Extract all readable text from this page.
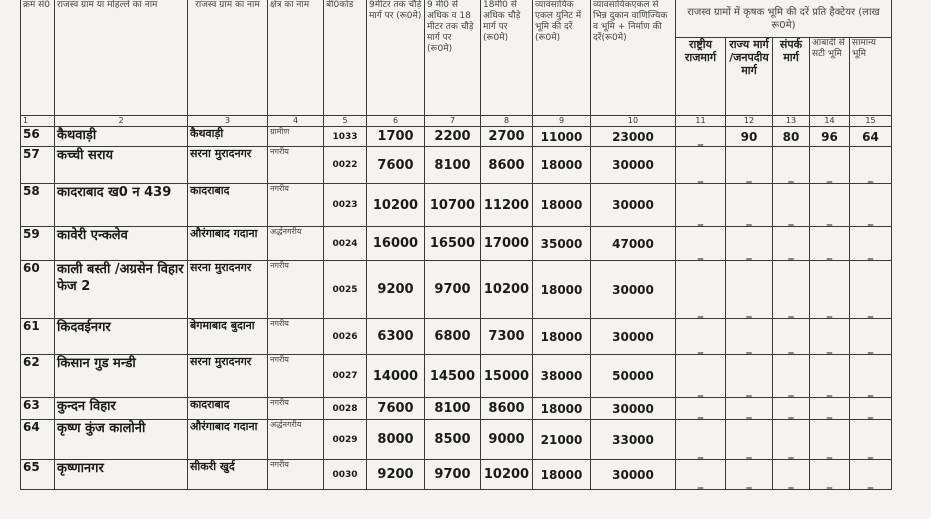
क्रम सं0	राजस्व ग्राम या मोहल्ले का नाम	राजस्व ग्राम का नाम	क्षेत्र का नाम	बी0कोड	9मीटर तक चौड़े मार्ग पर (रू0मे)	9 मी0 से अधिक व 18 मीटर तक चौड़े मार्ग पर (रू0मे)	18मी0 से अधिक चौड़े मार्ग पर (रू0मे)	व्यावसायिक एकल युनिट में भूमि की दरें (रू0मे)	व्यावसायिकएकल से भिन्न दुकान वाणिज्यिक व भूमि + निर्माण की दरें(रू0मे)	राजस्व ग्रामों में कृषक भूमि की दरें प्रति हैक्टेयर (लाख रू0मे)				
										राष्ट्रीय राजमार्ग	राज्य मार्ग /जनपदीय मार्ग	संपर्क मार्ग	आबादी से सटी भूमि	सामान्य भूमि
1	2	3	4	5	6	7	8	9	10	11	12	13	14	15
56	कैथवाड़ी	कैथवाड़ी	ग्रामीण	1033	1700	2200	2700	11000	23000	_	90	80	96	64
57	कच्ची सराय	सरना मुरादनगर	नगरीय	0022	7600	8100	8600	18000	30000	_	_	_	_	_
58	कादराबाद ख0 न 439	कादराबाद	नगरीय	0023	10200	10700	11200	18000	30000	_	_	_	_	_
59	कावेरी एन्कलेव	औरंगाबाद गदाना	अर्द्धनगरीय	0024	16000	16500	17000	35000	47000	_	_	_	_	_
60	काली बस्ती /अग्रसेन विहार फेज 2	सरना मुरादनगर	नगरीय	0025	9200	9700	10200	18000	30000	_	_	_	_	_
61	किदवईनगर	बेगमाबाद बुदाना	नगरीय	0026	6300	6800	7300	18000	30000	_	_	_	_	_
62	किसान गुड मन्डी	सरना मुरादनगर	नगरीय	0027	14000	14500	15000	38000	50000	_	_	_	_	_
63	कुन्दन विहार	कादराबाद	नगरीय	0028	7600	8100	8600	18000	30000	_	_	_	_	_
64	कृष्ण कुंज कालोनी	औरंगाबाद गदाना	अर्द्धनगरीय	0029	8000	8500	9000	21000	33000	_	_	_	_	_
65	कृष्णानगर	सीकरी खुर्द	नगरीय	0030	9200	9700	10200	18000	30000	_	_	_	_	_
